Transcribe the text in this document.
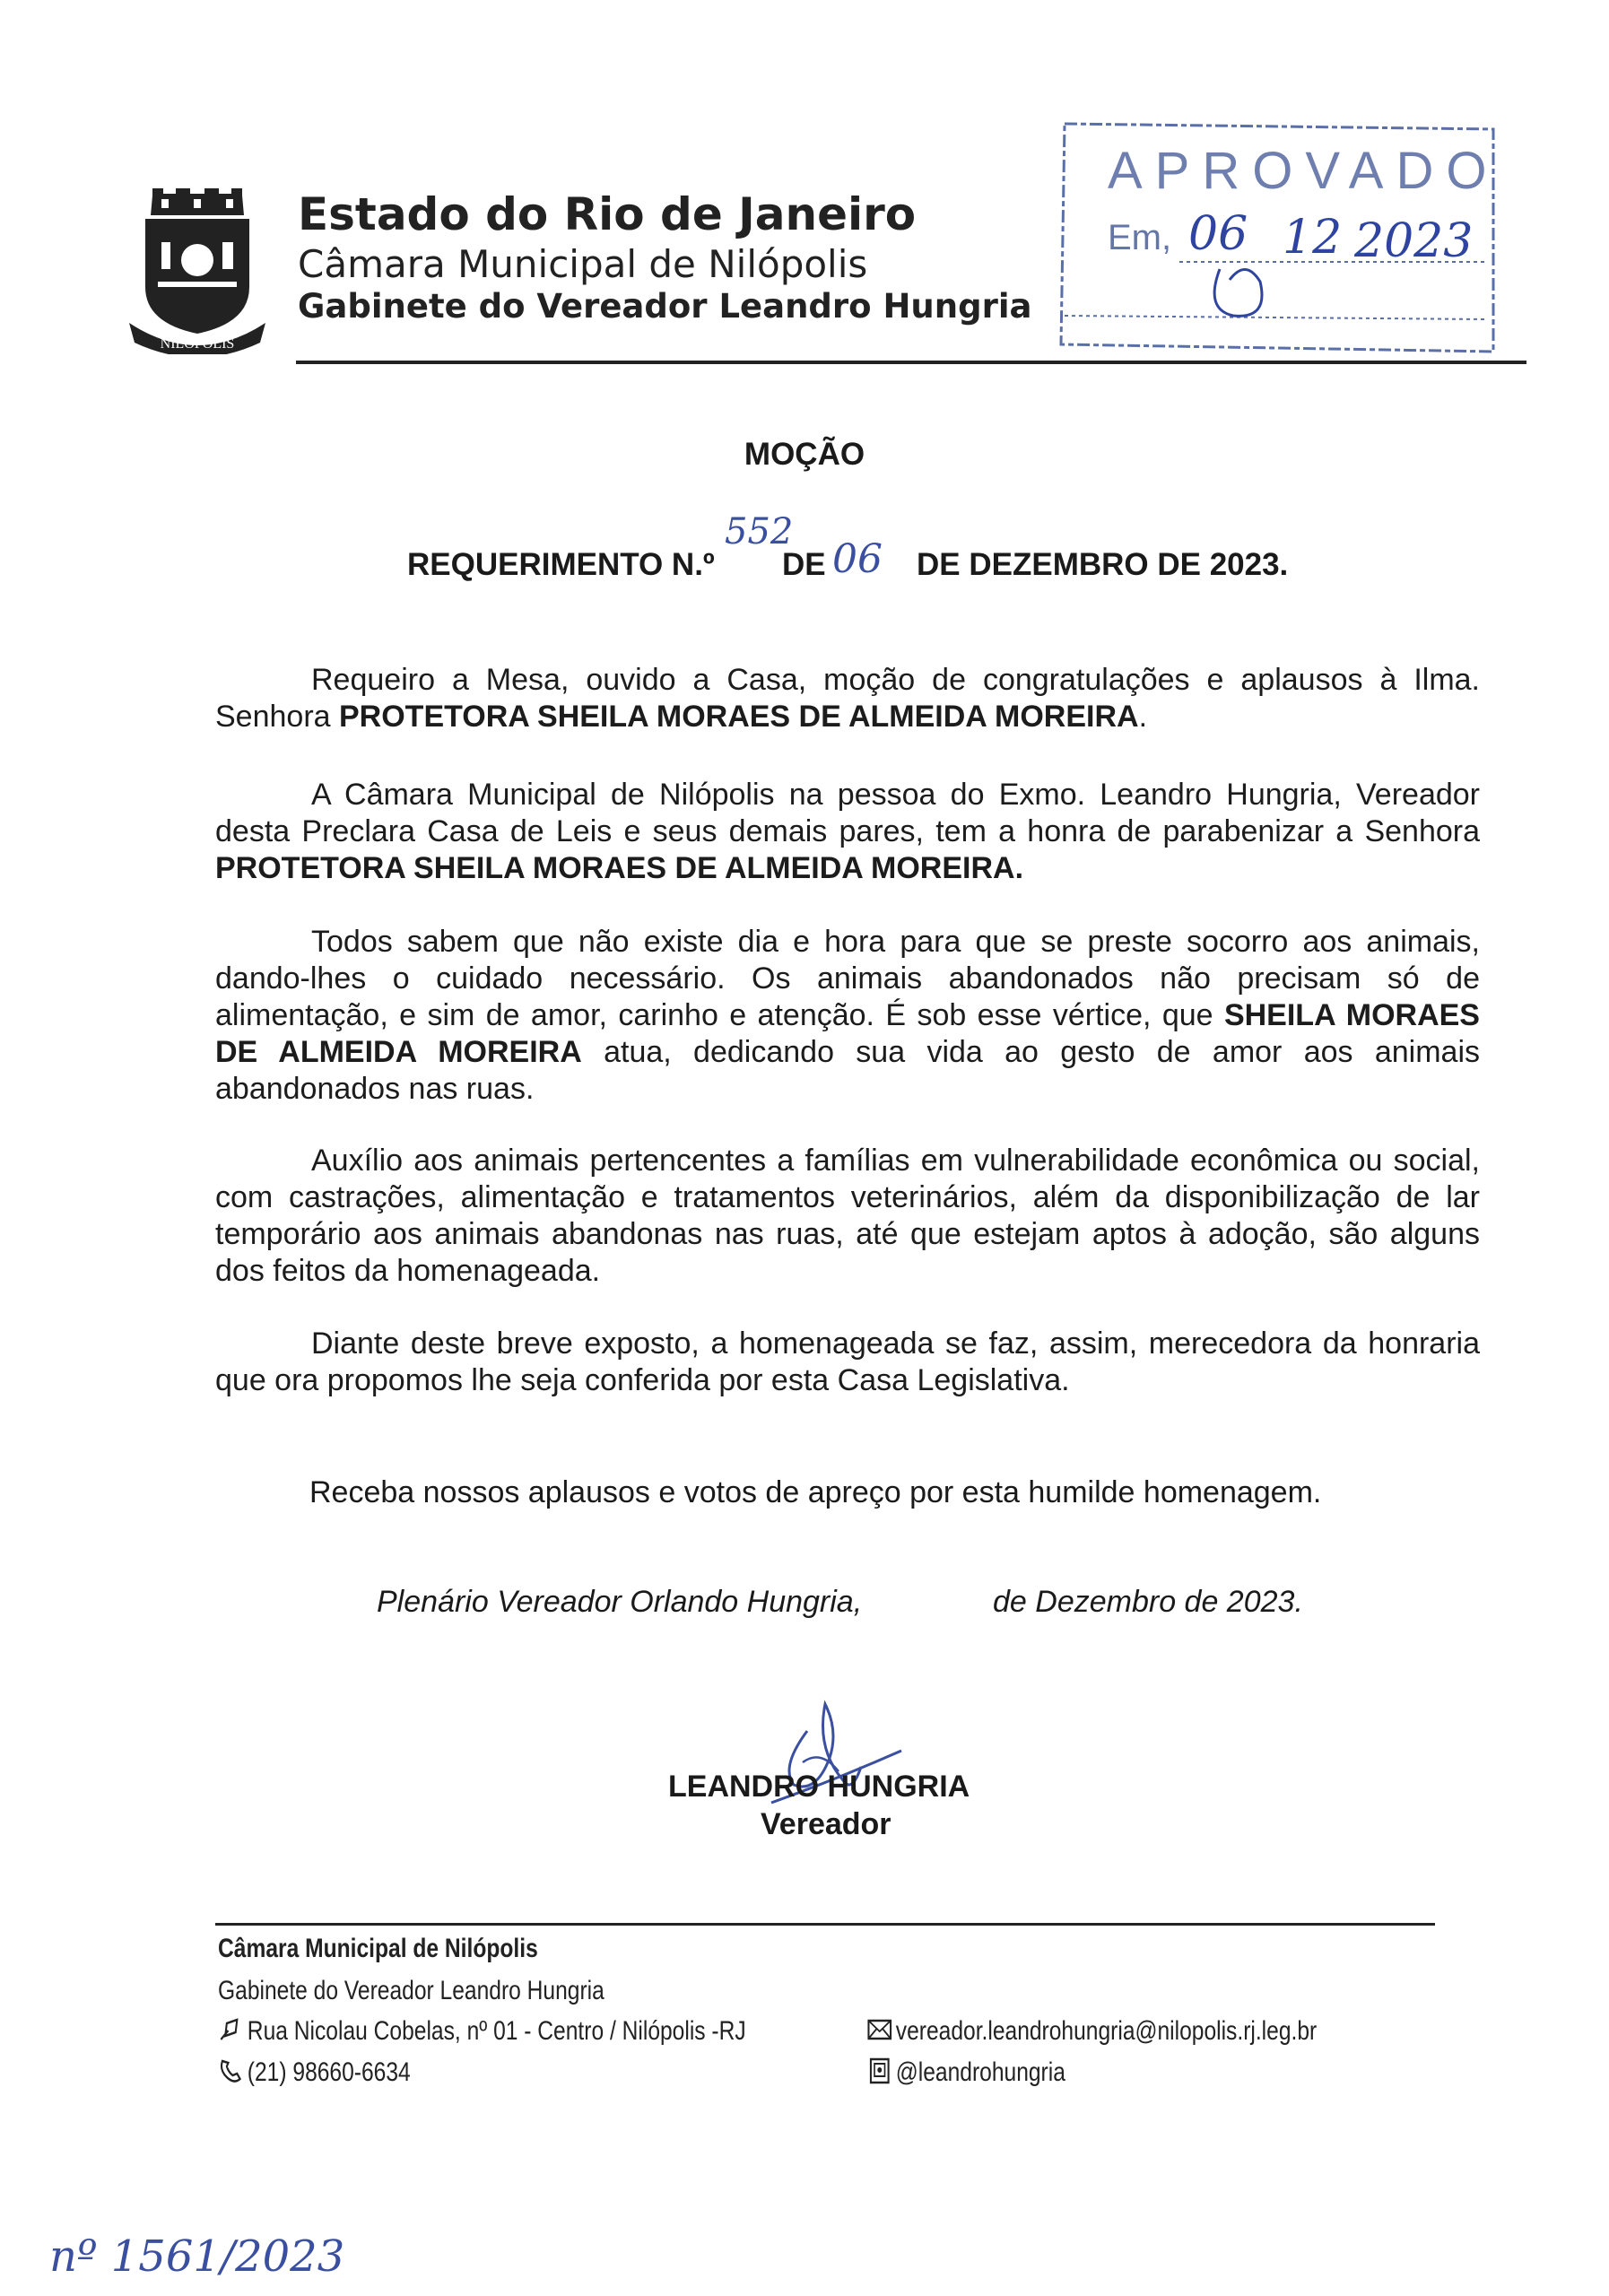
NILÓPOLIS
Estado do Rio de Janeiro
Câmara Municipal de Nilópolis
Gabinete do Vereador Leandro Hungria
APROVADO
Em, 06 12 2023
MOÇÃO
REQUERIMENTO N.º
552
DE 06 DE DEZEMBRO DE 2023.
Requeiro a Mesa, ouvido a Casa, moção de congratulações e aplausos à Ilma. Senhora PROTETORA SHEILA MORAES DE ALMEIDA MOREIRA.
A Câmara Municipal de Nilópolis na pessoa do Exmo. Leandro Hungria, Vereador desta Preclara Casa de Leis e seus demais pares, tem a honra de parabenizar a Senhora PROTETORA SHEILA MORAES DE ALMEIDA MOREIRA.
Todos sabem que não existe dia e hora para que se preste socorro aos animais, dando-lhes o cuidado necessário. Os animais abandonados não precisam só de alimentação, e sim de amor, carinho e atenção. É sob esse vértice, que SHEILA MORAES DE ALMEIDA MOREIRA atua, dedicando sua vida ao gesto de amor aos animais abandonados nas ruas.
Auxílio aos animais pertencentes a famílias em vulnerabilidade econômica ou social, com castrações, alimentação e tratamentos veterinários, além da disponibilização de lar temporário aos animais abandonas nas ruas, até que estejam aptos à adoção, são alguns dos feitos da homenageada.
Diante deste breve exposto, a homenageada se faz, assim, merecedora da honraria que ora propomos lhe seja conferida por esta Casa Legislativa.
Receba nossos aplausos e votos de apreço por esta humilde homenagem.
Plenário Vereador Orlando Hungria,	de Dezembro de 2023.
LEANDRO HUNGRIA
Vereador
Câmara Municipal de Nilópolis
Gabinete do Vereador Leandro Hungria
Rua Nicolau Cobelas, nº 01 - Centro / Nilópolis -RJ
(21) 98660-6634
vereador.leandrohungria@nilopolis.rj.leg.br
@leandrohungria
nº 1561/2023
